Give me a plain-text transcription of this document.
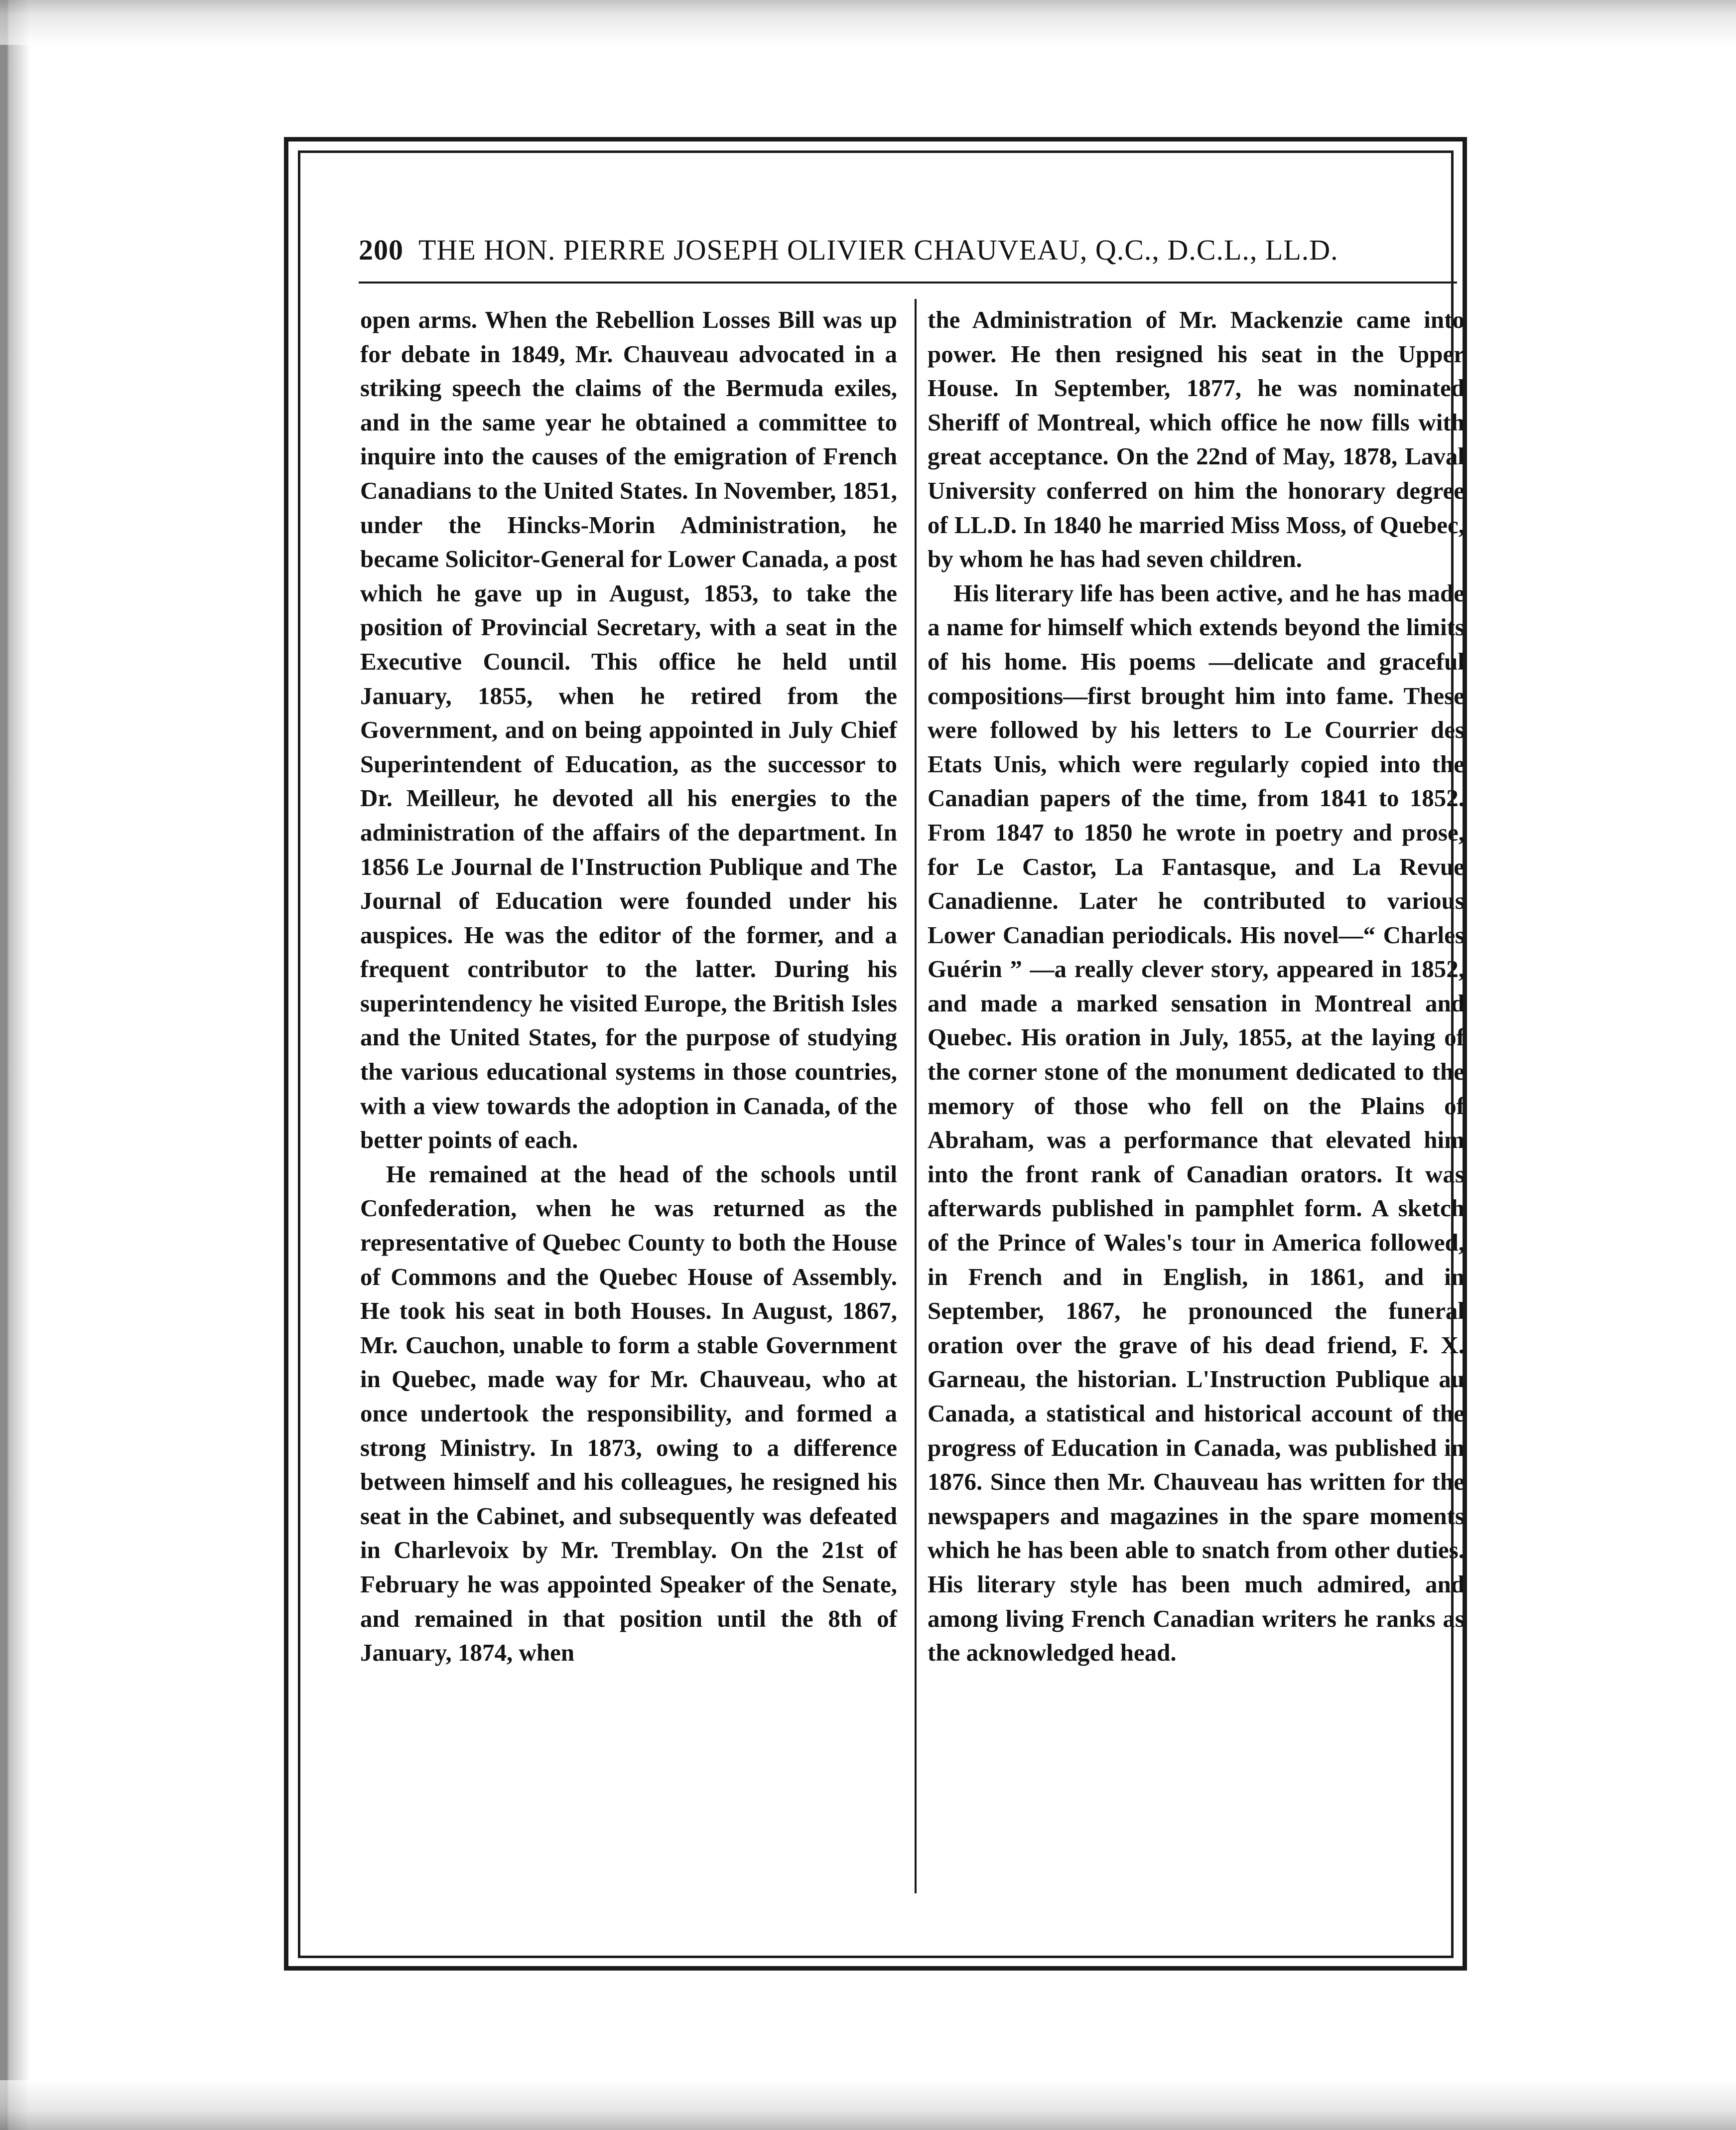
200 THE HON. PIERRE JOSEPH OLIVIER CHAUVEAU, Q.C., D.C.L., LL.D.

open arms. When the Rebellion Losses Bill was up for debate in 1849, Mr. Chauveau advocated in a striking speech the claims of the Bermuda exiles, and in the same year he obtained a committee to inquire into the causes of the emigration of French Canadians to the United States. In November, 1851, under the Hincks-Morin Administration, he became Solicitor-General for Lower Canada, a post which he gave up in August, 1853, to take the position of Provincial Secretary, with a seat in the Executive Council. This office he held until January, 1855, when he retired from the Government, and on being appointed in July Chief Superintendent of Education, as the successor to Dr. Meilleur, he devoted all his energies to the administration of the affairs of the department. In 1856 Le Journal de l'Instruction Publique and The Journal of Education were founded under his auspices. He was the editor of the former, and a frequent contributor to the latter. During his superintendency he visited Europe, the British Isles and the United States, for the purpose of studying the various educational systems in those countries, with a view towards the adoption in Canada, of the better points of each.

He remained at the head of the schools until Confederation, when he was returned as the representative of Quebec County to both the House of Commons and the Quebec House of Assembly. He took his seat in both Houses. In August, 1867, Mr. Cauchon, unable to form a stable Government in Quebec, made way for Mr. Chauveau, who at once undertook the responsibility, and formed a strong Ministry. In 1873, owing to a difference between himself and his colleagues, he resigned his seat in the Cabinet, and subsequently was defeated in Charlevoix by Mr. Tremblay. On the 21st of February he was appointed Speaker of the Senate, and remained in that position until the 8th of January, 1874, when

the Administration of Mr. Mackenzie came into power. He then resigned his seat in the Upper House. In September, 1877, he was nominated Sheriff of Montreal, which office he now fills with great acceptance. On the 22nd of May, 1878, Laval University conferred on him the honorary degree of LL.D. In 1840 he married Miss Moss, of Quebec, by whom he has had seven children.

His literary life has been active, and he has made a name for himself which extends beyond the limits of his home. His poems —delicate and graceful compositions—first brought him into fame. These were followed by his letters to Le Courrier des Etats Unis, which were regularly copied into the Canadian papers of the time, from 1841 to 1852. From 1847 to 1850 he wrote in poetry and prose, for Le Castor, La Fantasque, and La Revue Canadienne. Later he contributed to various Lower Canadian periodicals. His novel—“ Charles Guérin ” —a really clever story, appeared in 1852, and made a marked sensation in Montreal and Quebec. His oration in July, 1855, at the laying of the corner stone of the monument dedicated to the memory of those who fell on the Plains of Abraham, was a performance that elevated him into the front rank of Canadian orators. It was afterwards published in pamphlet form. A sketch of the Prince of Wales's tour in America followed, in French and in English, in 1861, and in September, 1867, he pronounced the funeral oration over the grave of his dead friend, F. X. Garneau, the historian. L'Instruction Publique au Canada, a statistical and historical account of the progress of Education in Canada, was published in 1876. Since then Mr. Chauveau has written for the newspapers and magazines in the spare moments which he has been able to snatch from other duties. His literary style has been much admired, and among living French Canadian writers he ranks as the acknowledged head.
